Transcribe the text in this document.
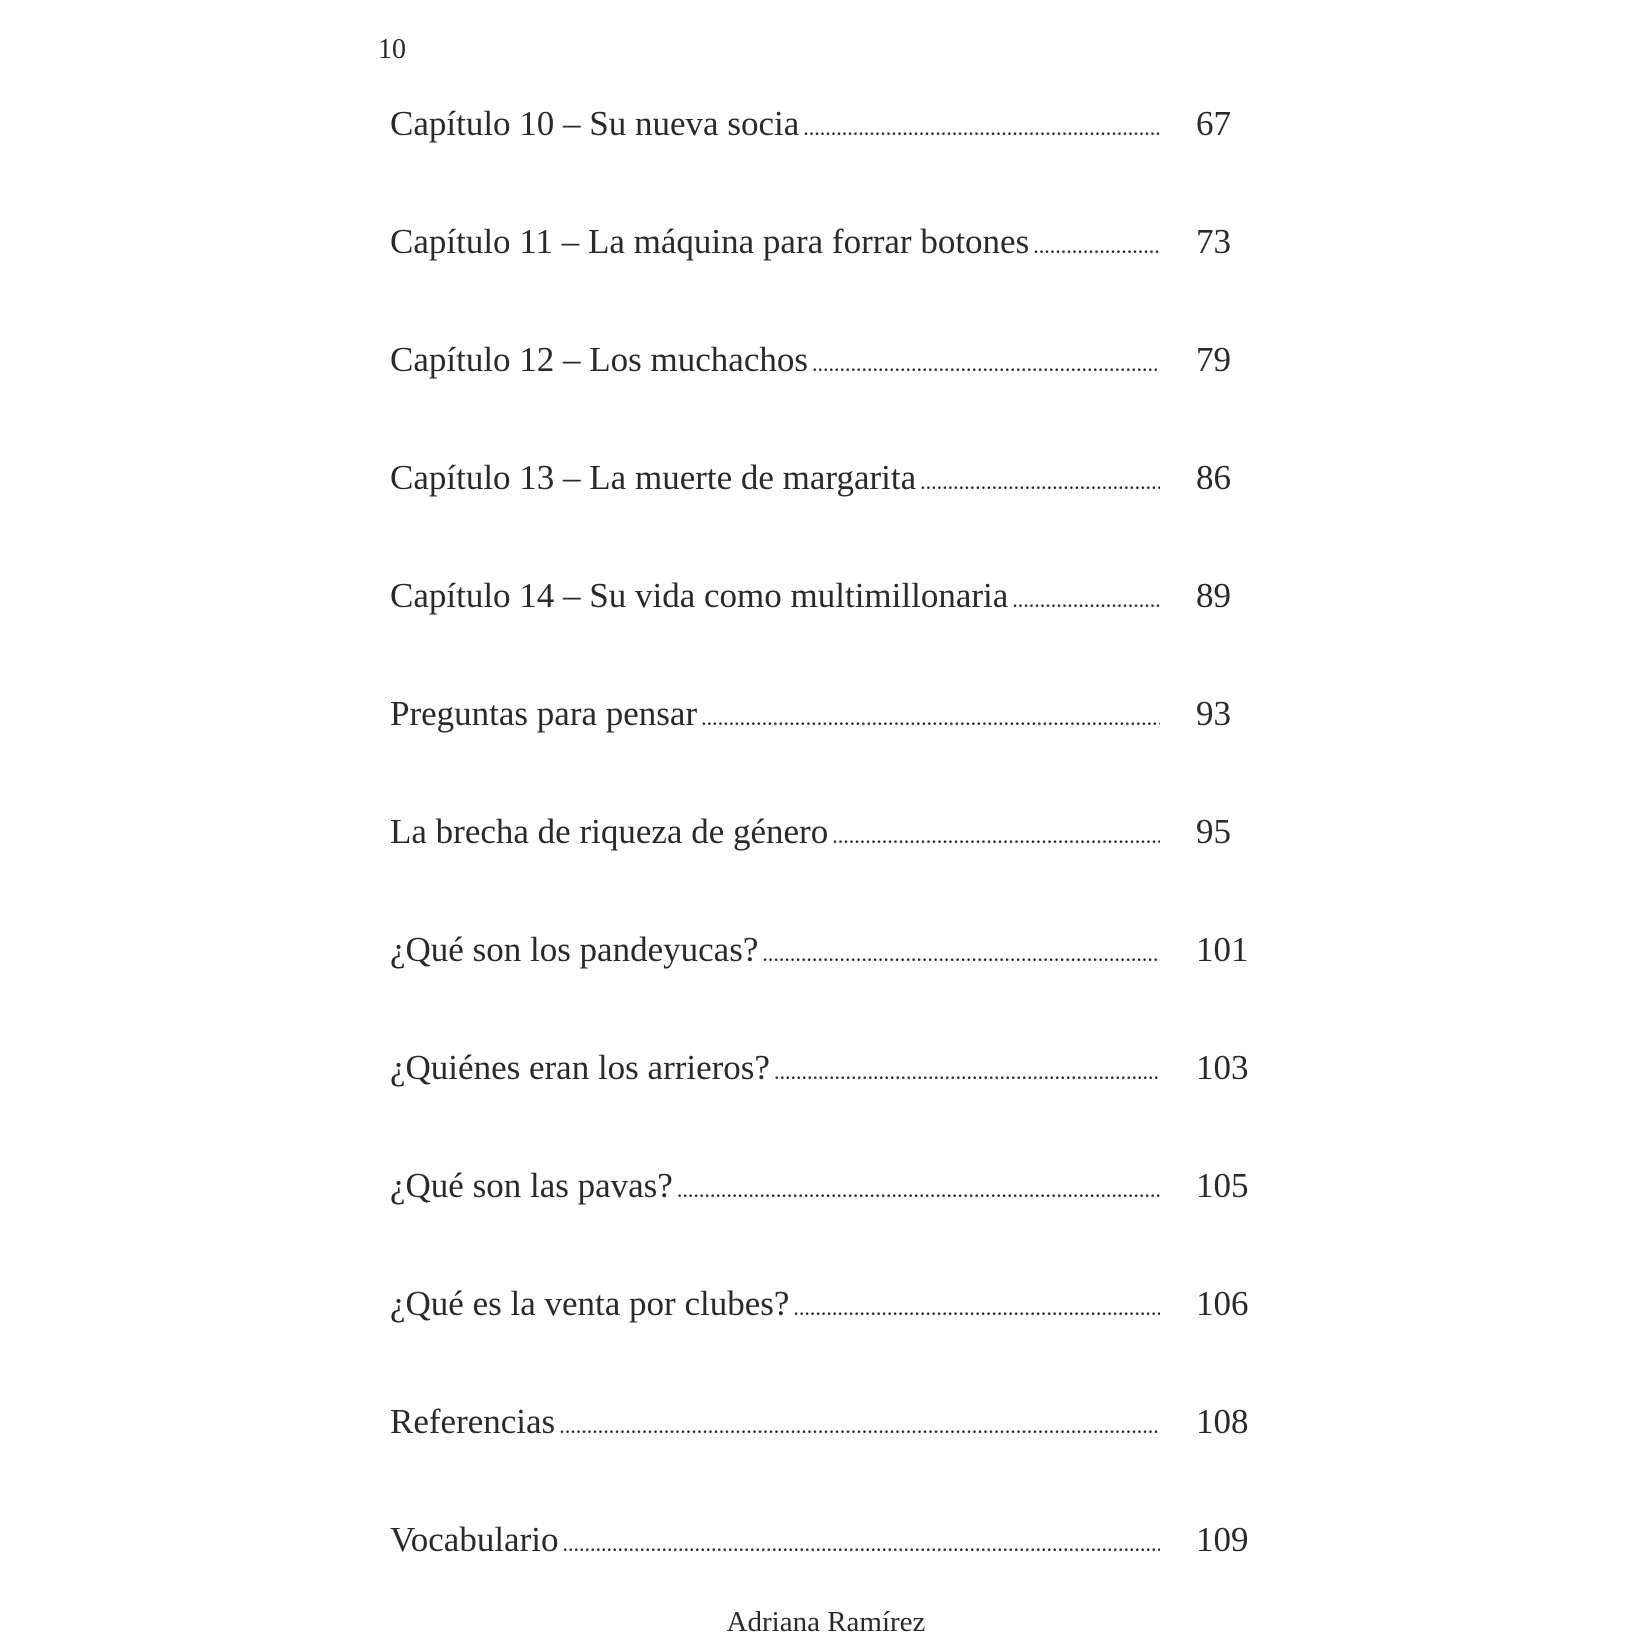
10
Capítulo 10 – Su nueva socia .....	67
Capítulo 11 – La máquina para forrar botones .....	73
Capítulo 12 – Los muchachos .....	79
Capítulo 13 – La muerte de margarita .....	86
Capítulo 14 – Su vida como multimillonaria .....	89
Preguntas para pensar .....	93
La brecha de riqueza de género .....	95
¿Qué son los pandeyucas? .....	101
¿Quiénes eran los arrieros? .....	103
¿Qué son las pavas? .....	105
¿Qué es la venta por clubes? .....	106
Referencias .....	108
Vocabulario .....	109
Adriana Ramírez
